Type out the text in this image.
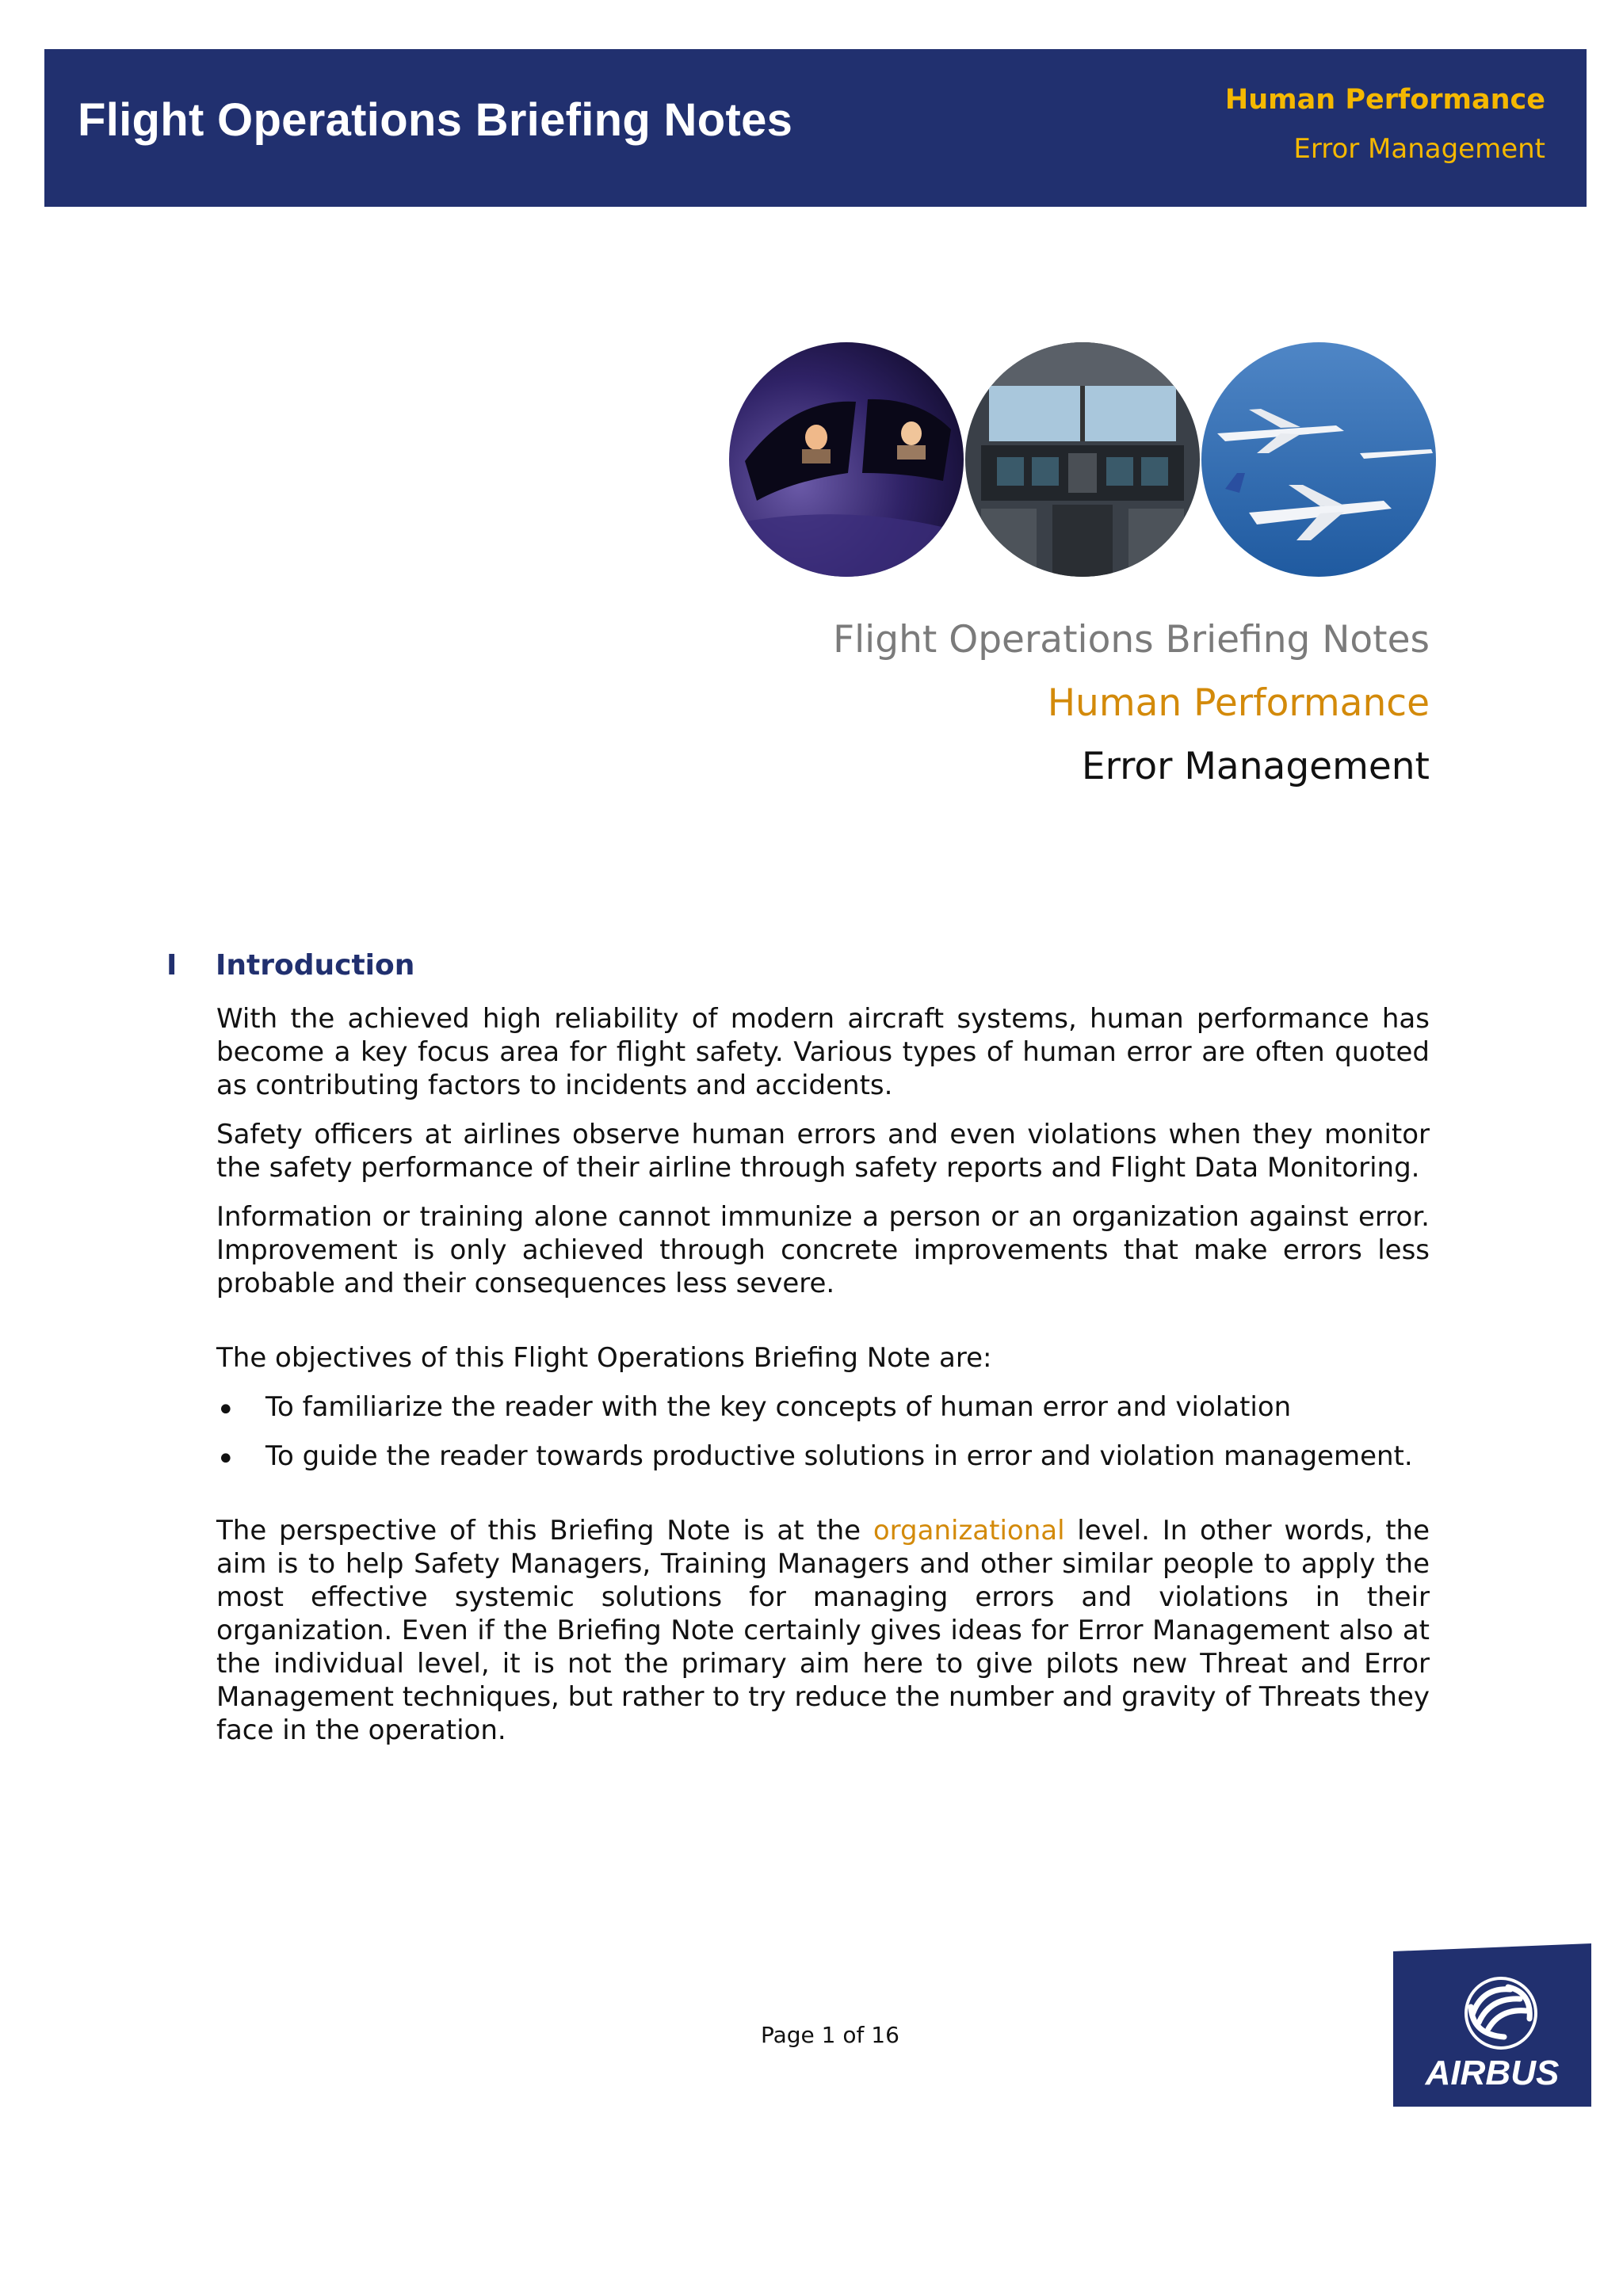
Flight Operations Briefing Notes	Human Performance
Error Management
Flight Operations Briefing Notes
Human Performance
Error Management
I Introduction

With the achieved high reliability of modern aircraft systems, human performance has become a key focus area for flight safety. Various types of human error are often quoted as contributing factors to incidents and accidents.

Safety officers at airlines observe human errors and even violations when they monitor the safety performance of their airline through safety reports and Flight Data Monitoring.

Information or training alone cannot immunize a person or an organization against error. Improvement is only achieved through concrete improvements that make errors less probable and their consequences less severe.

The objectives of this Flight Operations Briefing Note are:

• To familiarize the reader with the key concepts of human error and violation
• To guide the reader towards productive solutions in error and violation management.

The perspective of this Briefing Note is at the organizational level. In other words, the aim is to help Safety Managers, Training Managers and other similar people to apply the most effective systemic solutions for managing errors and violations in their organization. Even if the Briefing Note certainly gives ideas for Error Management also at the individual level, it is not the primary aim here to give pilots new Threat and Error Management techniques, but rather to try reduce the number and gravity of Threats they face in the operation.

Page 1 of 16
AIRBUS
